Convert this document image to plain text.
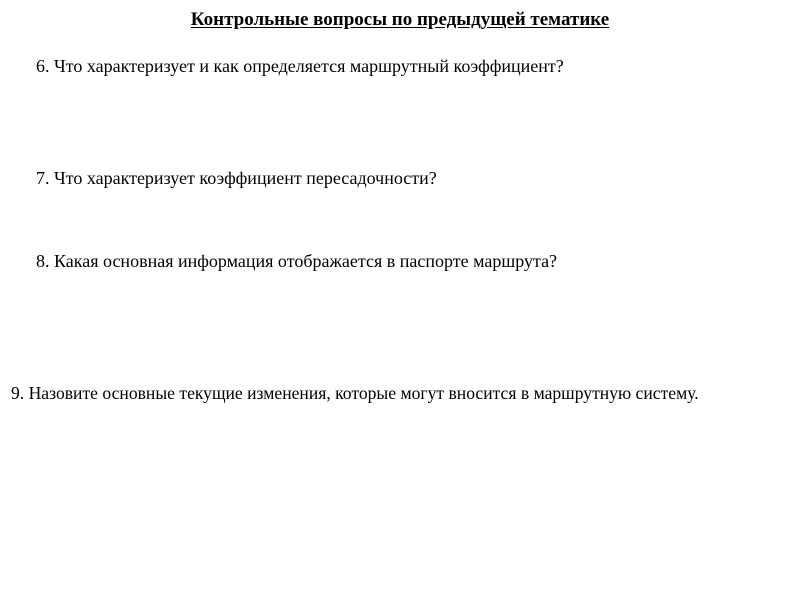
Контрольные вопросы по предыдущей тематике
6. Что характеризует и как определяется маршрутный коэффициент?
7. Что характеризует коэффициент пересадочности?
8. Какая основная информация отображается в паспорте маршрута?
9. Назовите основные текущие изменения, которые могут вносится в маршрутную систему.
